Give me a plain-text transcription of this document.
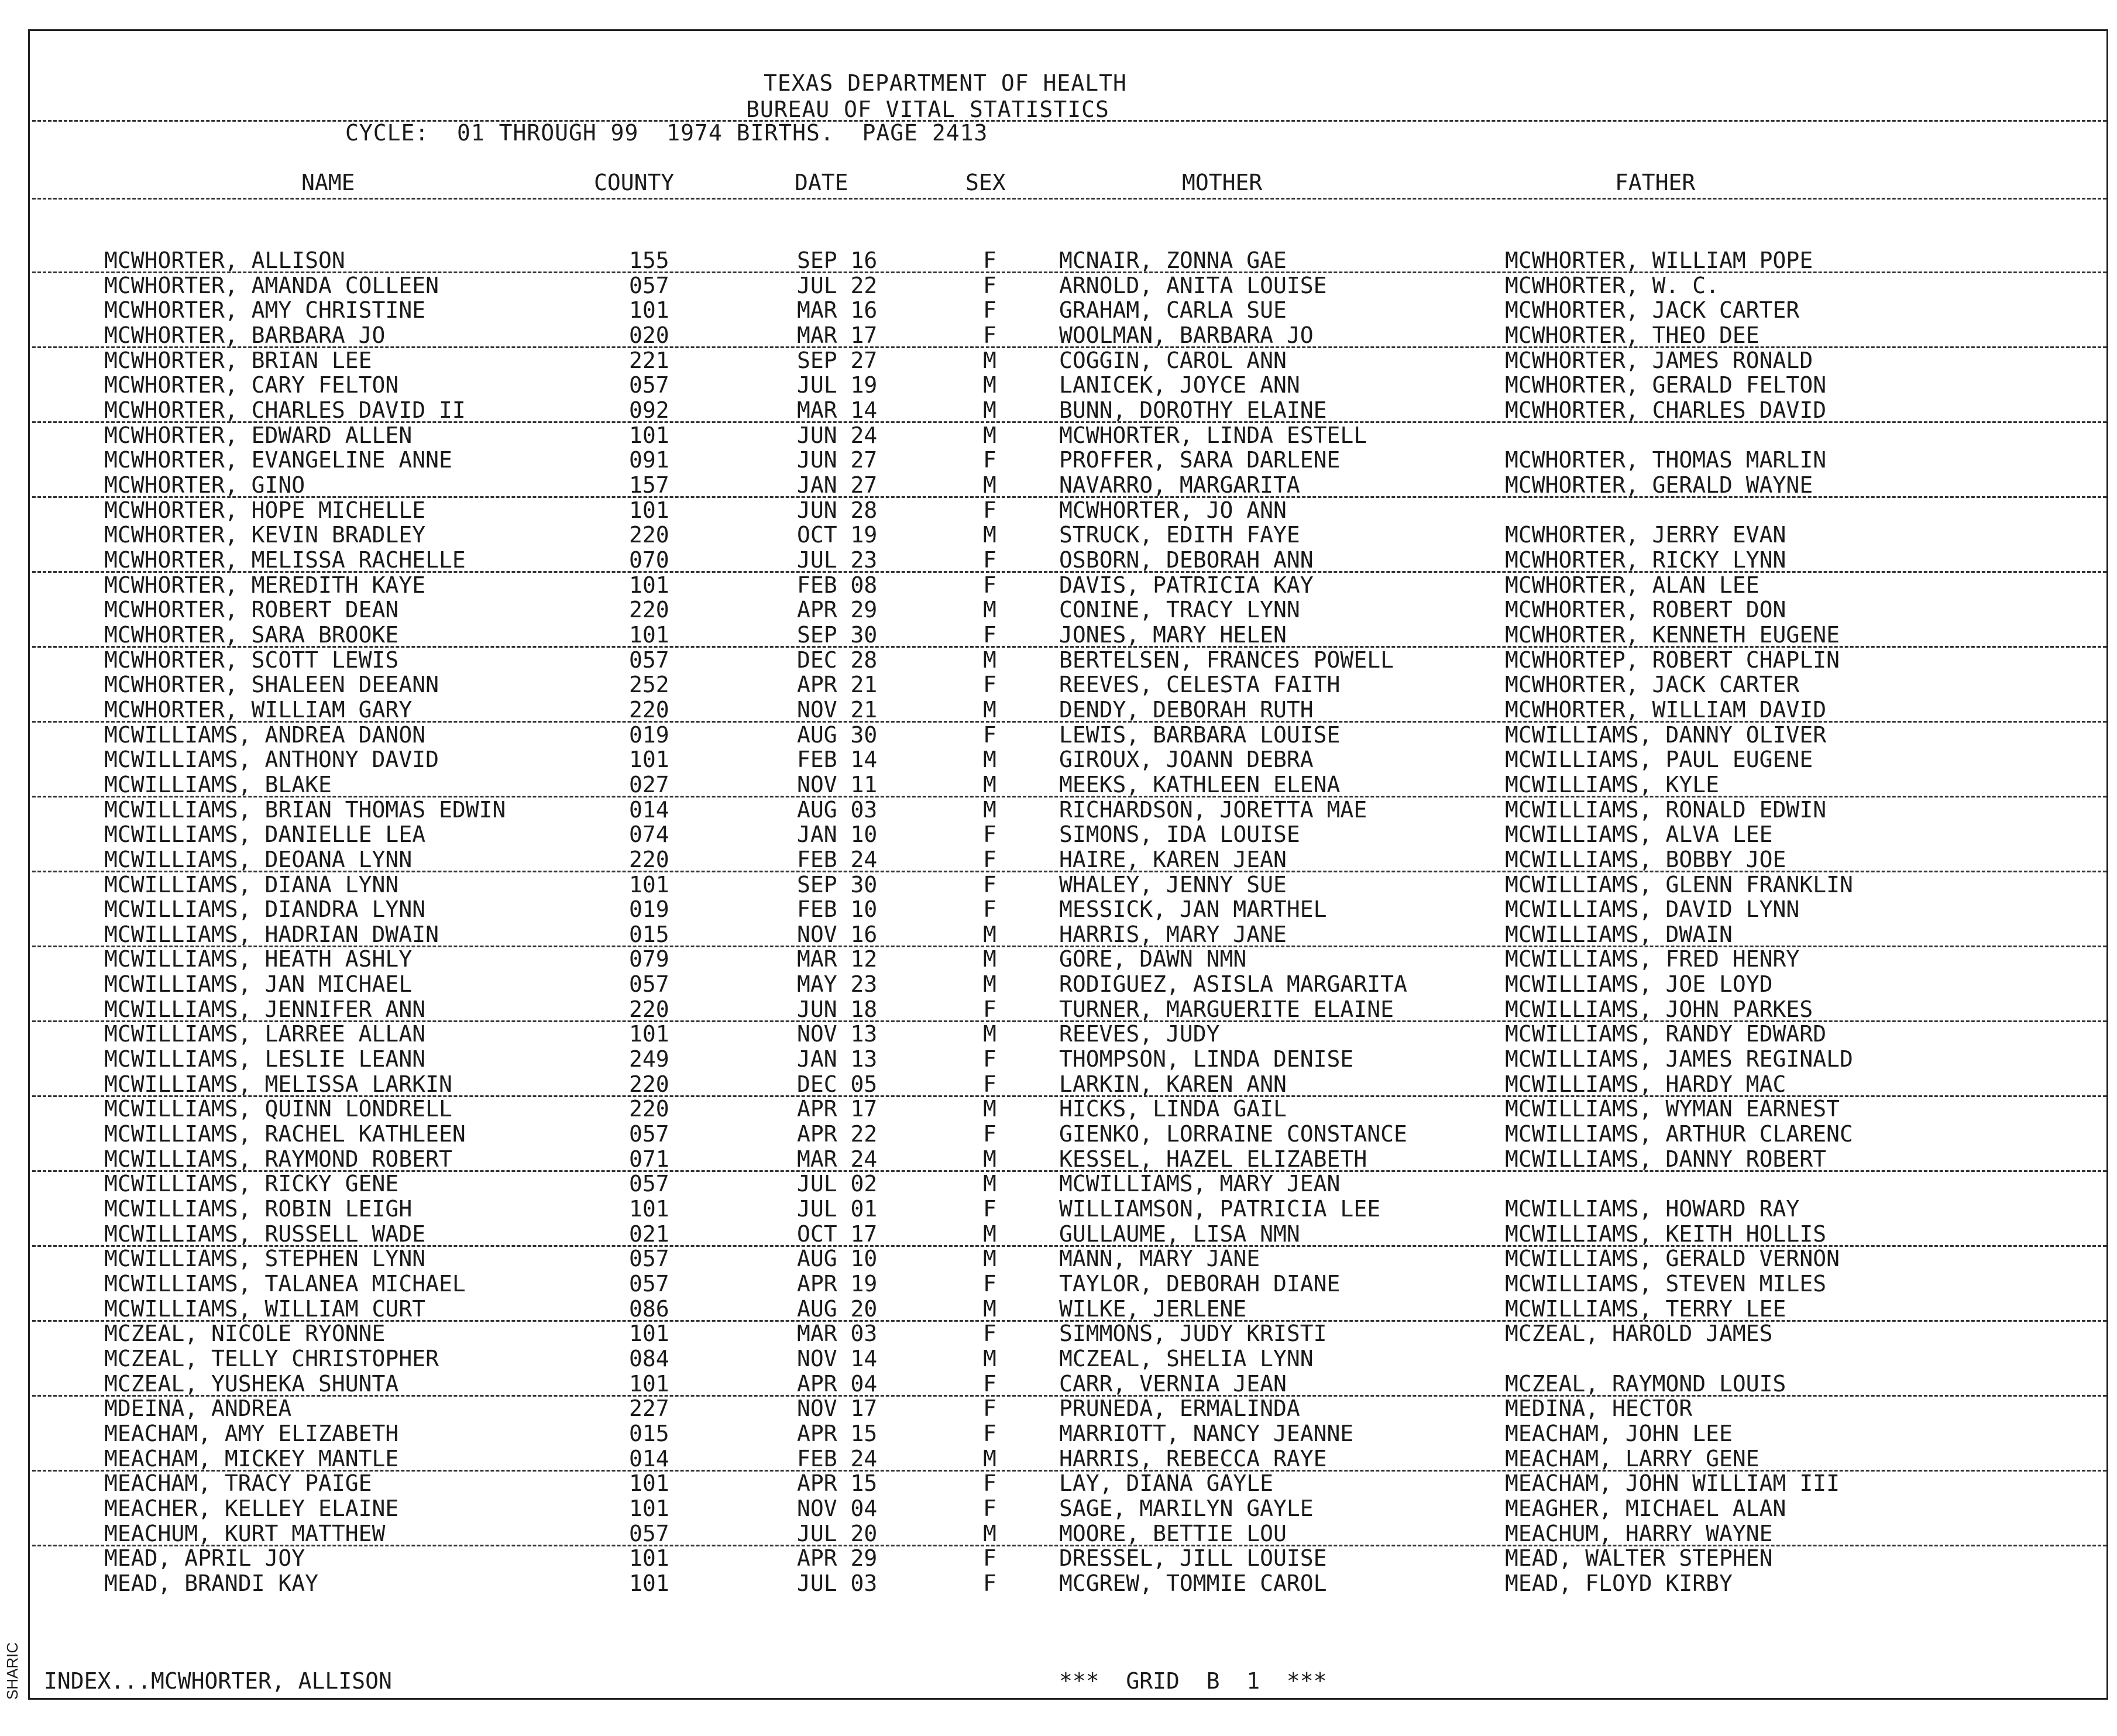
TEXAS DEPARTMENT OF HEALTH
BUREAU OF VITAL STATISTICS
CYCLE:  01 THROUGH 99  1974 BIRTHS.  PAGE 2413
NAME	COUNTY	DATE	SEX	MOTHER	FATHER
MCWHORTER, ALLISON	155	SEP 16	F	MCNAIR, ZONNA GAE	MCWHORTER, WILLIAM POPE
MCWHORTER, AMANDA COLLEEN	057	JUL 22	F	ARNOLD, ANITA LOUISE	MCWHORTER, W. C.
MCWHORTER, AMY CHRISTINE	101	MAR 16	F	GRAHAM, CARLA SUE	MCWHORTER, JACK CARTER
MCWHORTER, BARBARA JO	020	MAR 17	F	WOOLMAN, BARBARA JO	MCWHORTER, THEO DEE
MCWHORTER, BRIAN LEE	221	SEP 27	M	COGGIN, CAROL ANN	MCWHORTER, JAMES RONALD
MCWHORTER, CARY FELTON	057	JUL 19	M	LANICEK, JOYCE ANN	MCWHORTER, GERALD FELTON
MCWHORTER, CHARLES DAVID II	092	MAR 14	M	BUNN, DOROTHY ELAINE	MCWHORTER, CHARLES DAVID
MCWHORTER, EDWARD ALLEN	101	JUN 24	M	MCWHORTER, LINDA ESTELL
MCWHORTER, EVANGELINE ANNE	091	JUN 27	F	PROFFER, SARA DARLENE	MCWHORTER, THOMAS MARLIN
MCWHORTER, GINO	157	JAN 27	M	NAVARRO, MARGARITA	MCWHORTER, GERALD WAYNE
MCWHORTER, HOPE MICHELLE	101	JUN 28	F	MCWHORTER, JO ANN
MCWHORTER, KEVIN BRADLEY	220	OCT 19	M	STRUCK, EDITH FAYE	MCWHORTER, JERRY EVAN
MCWHORTER, MELISSA RACHELLE	070	JUL 23	F	OSBORN, DEBORAH ANN	MCWHORTER, RICKY LYNN
MCWHORTER, MEREDITH KAYE	101	FEB 08	F	DAVIS, PATRICIA KAY	MCWHORTER, ALAN LEE
MCWHORTER, ROBERT DEAN	220	APR 29	M	CONINE, TRACY LYNN	MCWHORTER, ROBERT DON
MCWHORTER, SARA BROOKE	101	SEP 30	F	JONES, MARY HELEN	MCWHORTER, KENNETH EUGENE
MCWHORTER, SCOTT LEWIS	057	DEC 28	M	BERTELSEN, FRANCES POWELL	MCWHORTEP, ROBERT CHAPLIN
MCWHORTER, SHALEEN DEEANN	252	APR 21	F	REEVES, CELESTA FAITH	MCWHORTER, JACK CARTER
MCWHORTER, WILLIAM GARY	220	NOV 21	M	DENDY, DEBORAH RUTH	MCWHORTER, WILLIAM DAVID
MCWILLIAMS, ANDREA DANON	019	AUG 30	F	LEWIS, BARBARA LOUISE	MCWILLIAMS, DANNY OLIVER
MCWILLIAMS, ANTHONY DAVID	101	FEB 14	M	GIROUX, JOANN DEBRA	MCWILLIAMS, PAUL EUGENE
MCWILLIAMS, BLAKE	027	NOV 11	M	MEEKS, KATHLEEN ELENA	MCWILLIAMS, KYLE
MCWILLIAMS, BRIAN THOMAS EDWIN	014	AUG 03	M	RICHARDSON, JORETTA MAE	MCWILLIAMS, RONALD EDWIN
MCWILLIAMS, DANIELLE LEA	074	JAN 10	F	SIMONS, IDA LOUISE	MCWILLIAMS, ALVA LEE
MCWILLIAMS, DEOANA LYNN	220	FEB 24	F	HAIRE, KAREN JEAN	MCWILLIAMS, BOBBY JOE
MCWILLIAMS, DIANA LYNN	101	SEP 30	F	WHALEY, JENNY SUE	MCWILLIAMS, GLENN FRANKLIN
MCWILLIAMS, DIANDRA LYNN	019	FEB 10	F	MESSICK, JAN MARTHEL	MCWILLIAMS, DAVID LYNN
MCWILLIAMS, HADRIAN DWAIN	015	NOV 16	M	HARRIS, MARY JANE	MCWILLIAMS, DWAIN
MCWILLIAMS, HEATH ASHLY	079	MAR 12	M	GORE, DAWN NMN	MCWILLIAMS, FRED HENRY
MCWILLIAMS, JAN MICHAEL	057	MAY 23	M	RODIGUEZ, ASISLA MARGARITA	MCWILLIAMS, JOE LOYD
MCWILLIAMS, JENNIFER ANN	220	JUN 18	F	TURNER, MARGUERITE ELAINE	MCWILLIAMS, JOHN PARKES
MCWILLIAMS, LARREE ALLAN	101	NOV 13	M	REEVES, JUDY	MCWILLIAMS, RANDY EDWARD
MCWILLIAMS, LESLIE LEANN	249	JAN 13	F	THOMPSON, LINDA DENISE	MCWILLIAMS, JAMES REGINALD
MCWILLIAMS, MELISSA LARKIN	220	DEC 05	F	LARKIN, KAREN ANN	MCWILLIAMS, HARDY MAC
MCWILLIAMS, QUINN LONDRELL	220	APR 17	M	HICKS, LINDA GAIL	MCWILLIAMS, WYMAN EARNEST
MCWILLIAMS, RACHEL KATHLEEN	057	APR 22	F	GIENKO, LORRAINE CONSTANCE	MCWILLIAMS, ARTHUR CLARENC
MCWILLIAMS, RAYMOND ROBERT	071	MAR 24	M	KESSEL, HAZEL ELIZABETH	MCWILLIAMS, DANNY ROBERT
MCWILLIAMS, RICKY GENE	057	JUL 02	M	MCWILLIAMS, MARY JEAN
MCWILLIAMS, ROBIN LEIGH	101	JUL 01	F	WILLIAMSON, PATRICIA LEE	MCWILLIAMS, HOWARD RAY
MCWILLIAMS, RUSSELL WADE	021	OCT 17	M	GULLAUME, LISA NMN	MCWILLIAMS, KEITH HOLLIS
MCWILLIAMS, STEPHEN LYNN	057	AUG 10	M	MANN, MARY JANE	MCWILLIAMS, GERALD VERNON
MCWILLIAMS, TALANEA MICHAEL	057	APR 19	F	TAYLOR, DEBORAH DIANE	MCWILLIAMS, STEVEN MILES
MCWILLIAMS, WILLIAM CURT	086	AUG 20	M	WILKE, JERLENE	MCWILLIAMS, TERRY LEE
MCZEAL, NICOLE RYONNE	101	MAR 03	F	SIMMONS, JUDY KRISTI	MCZEAL, HAROLD JAMES
MCZEAL, TELLY CHRISTOPHER	084	NOV 14	M	MCZEAL, SHELIA LYNN
MCZEAL, YUSHEKA SHUNTA	101	APR 04	F	CARR, VERNIA JEAN	MCZEAL, RAYMOND LOUIS
MDEINA, ANDREA	227	NOV 17	F	PRUNEDA, ERMALINDA	MEDINA, HECTOR
MEACHAM, AMY ELIZABETH	015	APR 15	F	MARRIOTT, NANCY JEANNE	MEACHAM, JOHN LEE
MEACHAM, MICKEY MANTLE	014	FEB 24	M	HARRIS, REBECCA RAYE	MEACHAM, LARRY GENE
MEACHAM, TRACY PAIGE	101	APR 15	F	LAY, DIANA GAYLE	MEACHAM, JOHN WILLIAM III
MEACHER, KELLEY ELAINE	101	NOV 04	F	SAGE, MARILYN GAYLE	MEAGHER, MICHAEL ALAN
MEACHUM, KURT MATTHEW	057	JUL 20	M	MOORE, BETTIE LOU	MEACHUM, HARRY WAYNE
MEAD, APRIL JOY	101	APR 29	F	DRESSEL, JILL LOUISE	MEAD, WALTER STEPHEN
MEAD, BRANDI KAY	101	JUL 03	F	MCGREW, TOMMIE CAROL	MEAD, FLOYD KIRBY
INDEX...MCWHORTER, ALLISON	***  GRID  B  1  ***
SHARIC
